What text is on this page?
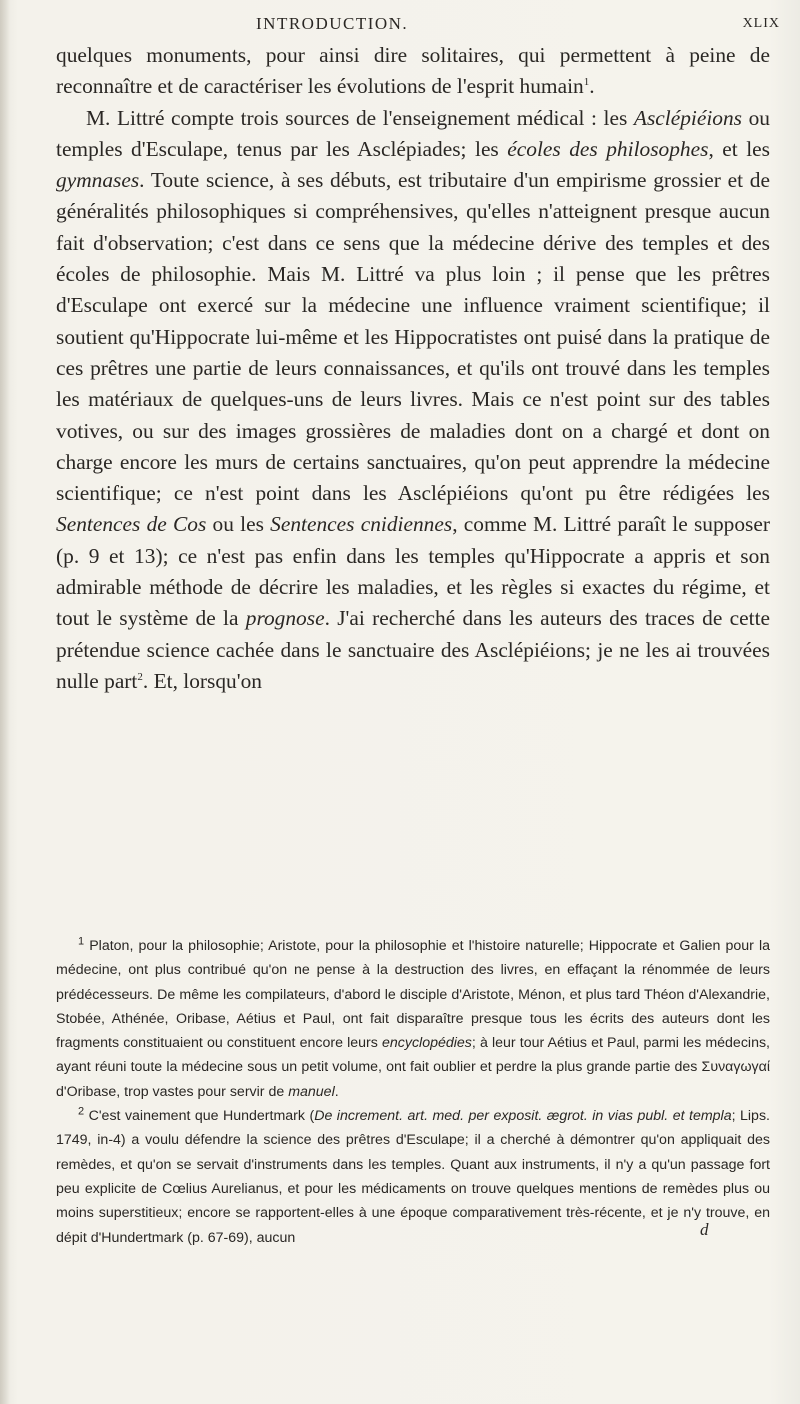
INTRODUCTION.	XLIX

quelques monuments, pour ainsi dire solitaires, qui permettent à peine de reconnaître et de caractériser les évolutions de l'esprit humain$^1$.

M. Littré compte trois sources de l'enseignement médical : les Asclépiéions ou temples d'Esculape, tenus par les Asclépiades; les écoles des philosophes, et les gymnases. Toute science, à ses débuts, est tributaire d'un empirisme grossier et de généralités philosophiques si compréhensives, qu'elles n'atteignent presque aucun fait d'observation; c'est dans ce sens que la médecine dérive des temples et des écoles de philosophie. Mais M. Littré va plus loin ; il pense que les prêtres d'Esculape ont exercé sur la médecine une influence vraiment scientifique; il soutient qu'Hippocrate lui-même et les Hippocratistes ont puisé dans la pratique de ces prêtres une partie de leurs connaissances, et qu'ils ont trouvé dans les temples les matériaux de quelques-uns de leurs livres. Mais ce n'est point sur des tables votives, ou sur des images grossières de maladies dont on a chargé et dont on charge encore les murs de certains sanctuaires, qu'on peut apprendre la médecine scientifique; ce n'est point dans les Asclépiéions qu'ont pu être rédigées les Sentences de Cos ou les Sentences cnidiennes, comme M. Littré paraît le supposer (p. 9 et 13); ce n'est pas enfin dans les temples qu'Hippocrate a appris et son admirable méthode de décrire les maladies, et les règles si exactes du régime, et tout le système de la prognose. J'ai recherché dans les auteurs des traces de cette prétendue science cachée dans le sanctuaire des Asclépiéions; je ne les ai trouvées nulle part$^2$. Et, lorsqu'on

$^1$ Platon, pour la philosophie; Aristote, pour la philosophie et l'histoire naturelle; Hippocrate et Galien pour la médecine, ont plus contribué qu'on ne pense à la destruction des livres, en effaçant la rénommée de leurs prédécesseurs. De même les compilateurs, d'abord le disciple d'Aristote, Ménon, et plus tard Théon d'Alexandrie, Stobée, Athénée, Oribase, Aétius et Paul, ont fait disparaître presque tous les écrits des auteurs dont les fragments constituaient ou constituent encore leurs encyclopédies; à leur tour Aétius et Paul, parmi les médecins, ayant réuni toute la médecine sous un petit volume, ont fait oublier et perdre la plus grande partie des Συναγωγαί d'Oribase, trop vastes pour servir de manuel.

$^2$ C'est vainement que Hundertmark (De increment. art. med. per exposit. ægrot. in vias publ. et templa; Lips. 1749, in-4) a voulu défendre la science des prêtres d'Esculape; il a cherché à démontrer qu'on appliquait des remèdes, et qu'on se servait d'instruments dans les temples. Quant aux instruments, il n'y a qu'un passage fort peu explicite de Cœlius Aurelianus, et pour les médicaments on trouve quelques mentions de remèdes plus ou moins superstitieux; encore se rapportent-elles à une époque comparativement très-récente, et je n'y trouve, en dépit d'Hundertmark (p. 67-69), aucun	d
